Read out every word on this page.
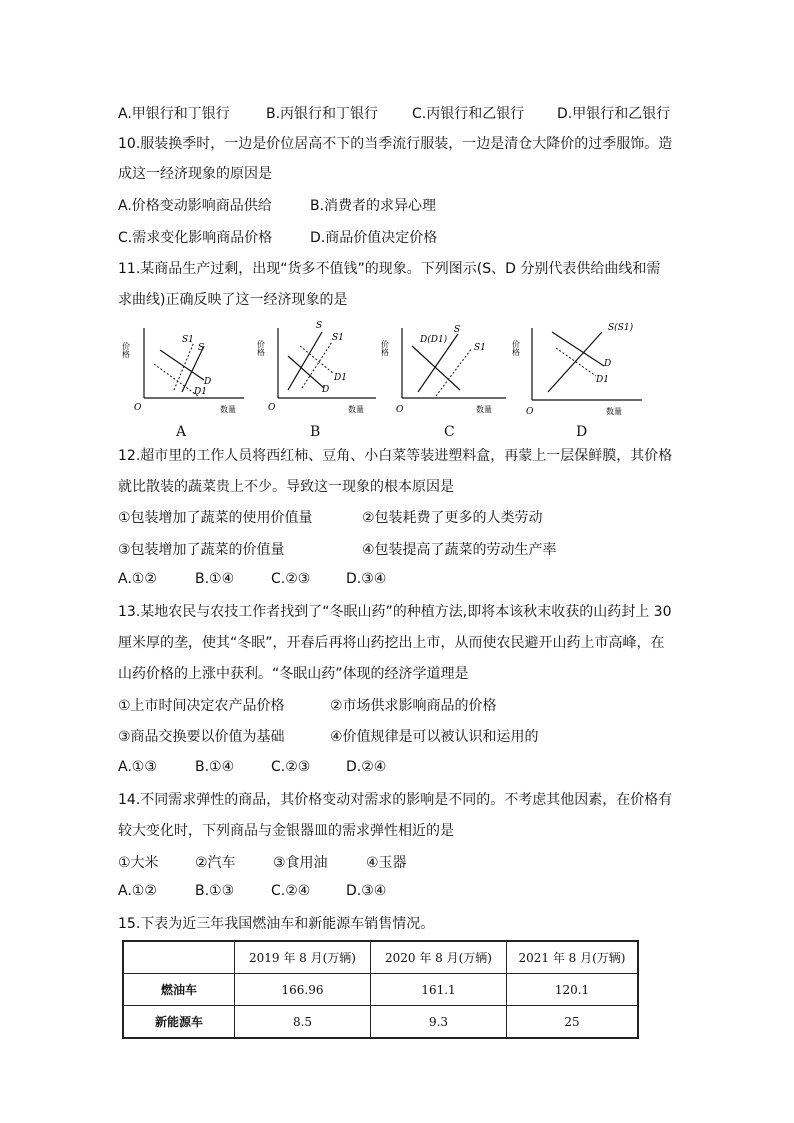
A.甲银行和丁银行	B.丙银行和丁银行 C.丙银行和乙银行 D.甲银行和乙银行
10.服装换季时，一边是价位居高不下的当季流行服装，一边是清仓大降价的过季服饰。造
成这一经济现象的原因是
A.价格变动影响商品供给	B.消费者的求异心理
C.需求变化影响商品价格	D.商品价值决定价格
11.某商品生产过剩，出现“货多不值钱”的现象。下列图示(S、D 分别代表供给曲线和需
求曲线)正确反映了这一经济现象的是
价格
O	数量
S1
S
D
D1
A
价格
O	数量
S
S1
D
D1
B
价格
O	数量
D(D1)
S
S1
C
价格
O	数量
S(S1)
D
D1
D
12.超市里的工作人员将西红柿、豆角、小白菜等装进塑料盒，再蒙上一层保鲜膜，其价格
就比散装的蔬菜贵上不少。导致这一现象的根本原因是
①包装增加了蔬菜的使用价值量	②包装耗费了更多的人类劳动
③包装增加了蔬菜的价值量	④包装提高了蔬菜的劳动生产率
A.①②	B.①④	C.②③	D.③④
13.某地农民与农技工作者找到了“冬眠山药”的种植方法,即将本该秋末收获的山药封上 30
厘米厚的垄，使其“冬眠”，开春后再将山药挖出上市，从而使农民避开山药上市高峰，在
山药价格的上涨中获利。“冬眠山药”体现的经济学道理是
①上市时间决定农产品价格	②市场供求影响商品的价格
③商品交换要以价值为基础	④价值规律是可以被认识和运用的
A.①③	B.①④	C.②③	D.②④
14.不同需求弹性的商品，其价格变动对需求的影响是不同的。不考虑其他因素，在价格有
较大变化时，下列商品与金银器皿的需求弹性相近的是
①大米	②汽车	③食用油	④玉器
A.①②	B.①③	C.②④	D.③④
15.下表为近三年我国燃油车和新能源车销售情况。
	2019 年 8 月(万辆)	2020 年 8 月(万辆)	2021 年 8 月(万辆)
燃油车	166.96	161.1	120.1
新能源车	8.5	9.3	25
